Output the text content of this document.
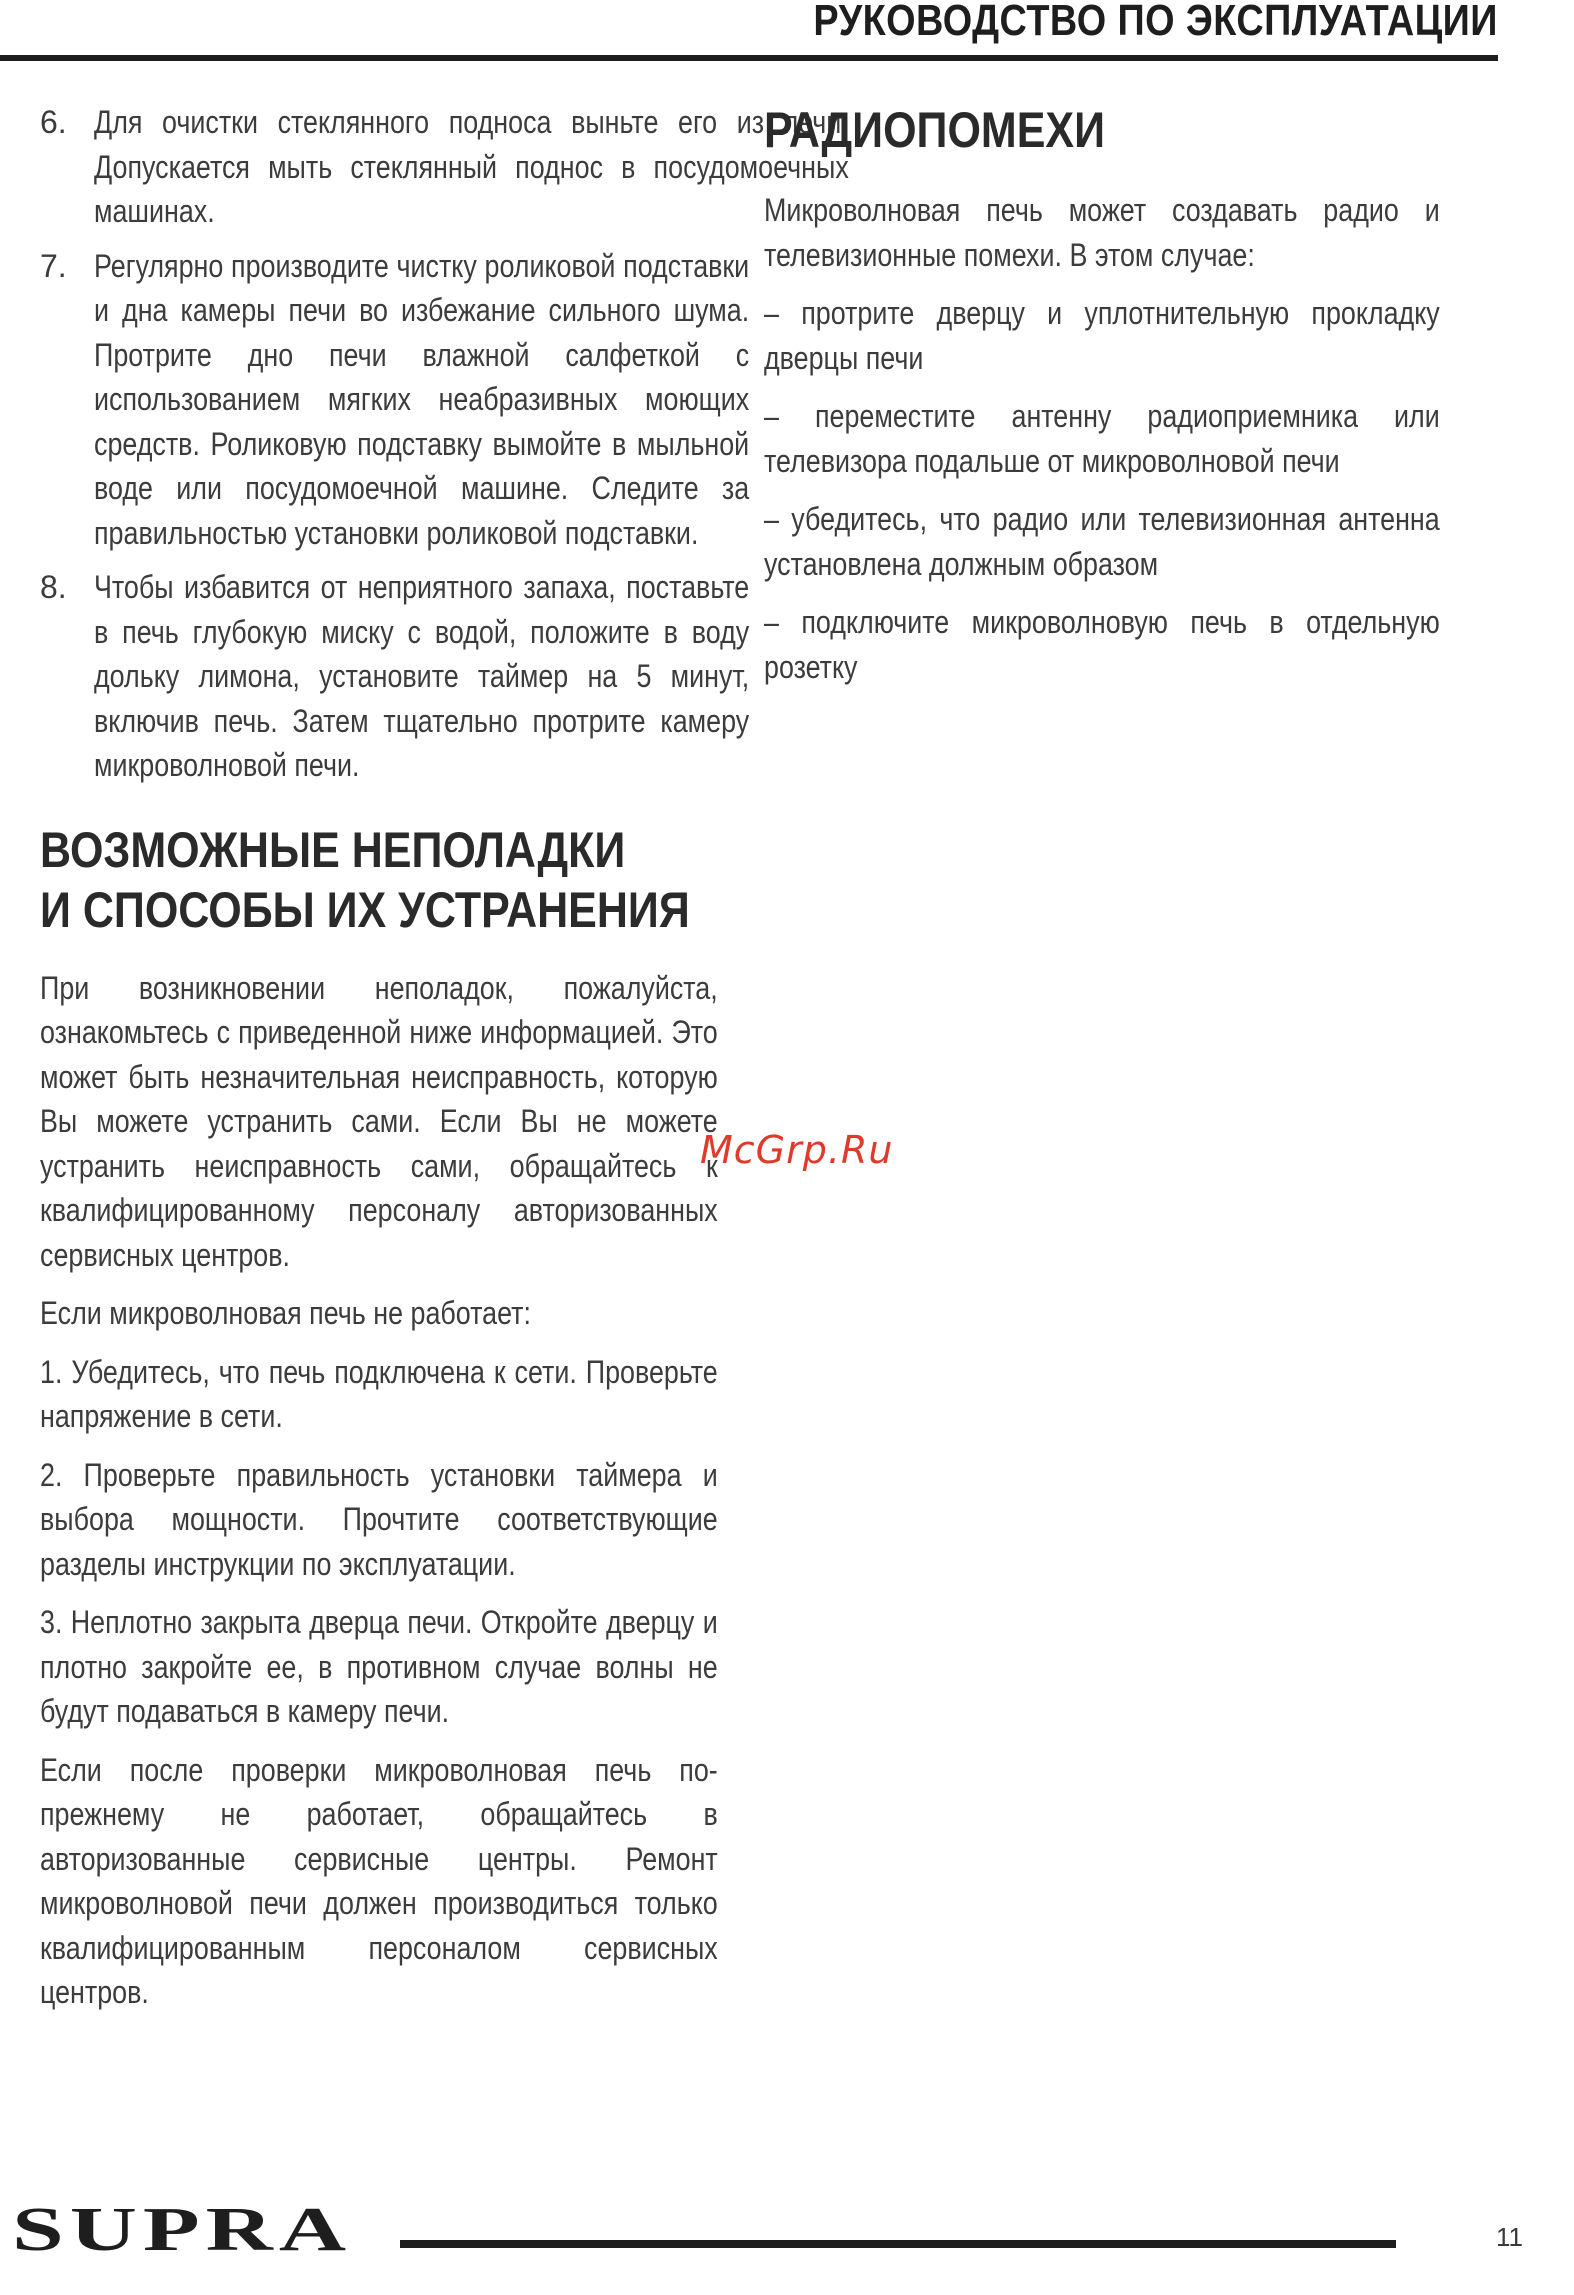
РУКОВОДСТВО ПО ЭКСПЛУАТАЦИИ
6. Для очистки стеклянного подноса выньте его из печи. Допускается мыть стеклянный поднос в посудомоечных машинах.
7. Регулярно производите чистку роликовой подставки и дна камеры печи во избежание сильного шума. Протрите дно печи влажной салфеткой с использованием мягких неабразивных моющих средств. Роликовую подставку вымойте в мыльной воде или посудомоечной машине. Следите за правильностью установки роликовой подставки.
8. Чтобы избавится от неприятного запаха, поставьте в печь глубокую миску с водой, положите в воду дольку лимона, установите таймер на 5 минут, включив печь. Затем тщательно протрите камеру микроволновой печи.
ВОЗМОЖНЫЕ НЕПОЛАДКИ
И СПОСОБЫ ИХ УСТРАНЕНИЯ
При возникновении неполадок, пожалуйста, ознакомьтесь с приведенной ниже информацией. Это может быть незначительная неисправность, которую Вы можете устранить сами. Если Вы не можете устранить неисправность сами, обращайтесь к квалифицированному персоналу авторизованных сервисных центров.
Если микроволновая печь не работает:
1. Убедитесь, что печь подключена к сети. Проверьте напряжение в сети.
2. Проверьте правильность установки таймера и выбора мощности. Прочтите соответствующие разделы инструкции по эксплуатации.
3. Неплотно закрыта дверца печи. Откройте дверцу и плотно закройте ее, в противном случае волны не будут подаваться в камеру печи.
Если после проверки микроволновая печь по-прежнему не работает, обращайтесь в авторизованные сервисные центры. Ремонт микроволновой печи должен производиться только квалифицированным персоналом сервисных центров.
РАДИОПОМЕХИ
Микроволновая печь может создавать радио и телевизионные помехи. В этом случае:
– протрите дверцу и уплотнительную прокладку дверцы печи
– переместите антенну радиоприемника или телевизора подальше от микроволновой печи
– убедитесь, что радио или телевизионная антенна установлена должным образом
– подключите микроволновую печь в отдельную розетку
McGrp.Ru
SUPRA	11
